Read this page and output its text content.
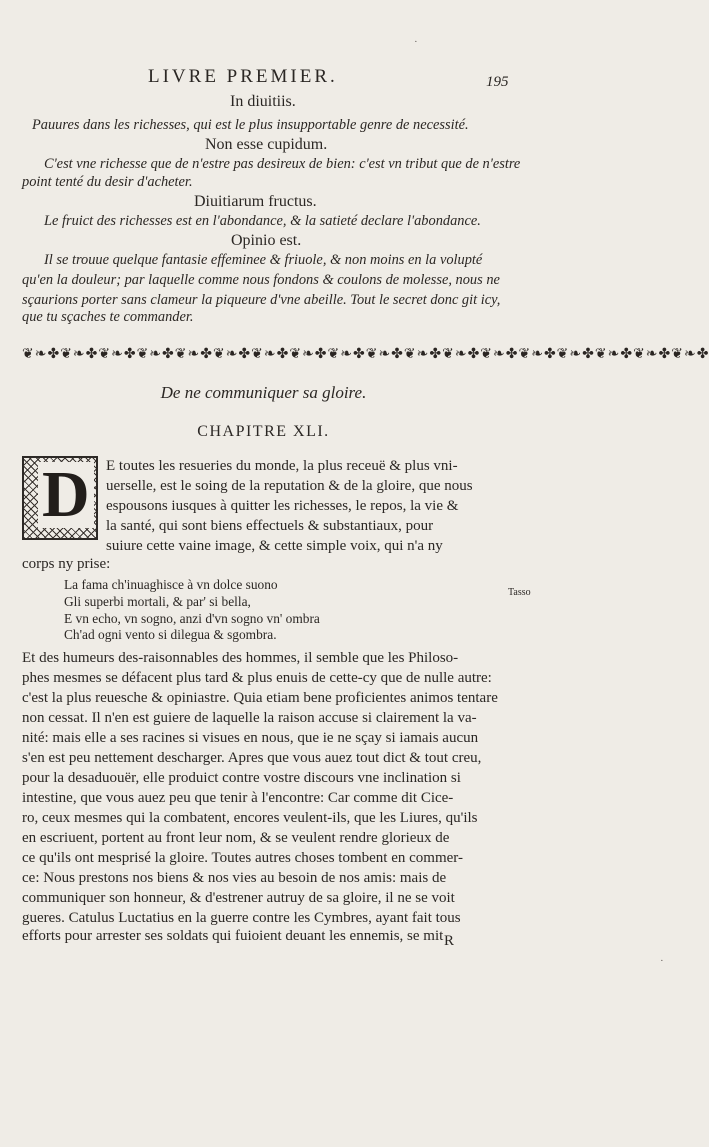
LIVRE PREMIER.	195
In diuitiis.
Pauures dans les richesses, qui est le plus insupportable genre de necessité.
Non esse cupidum.
C'est vne richesse que de n'estre pas desireux de bien: c'est vn tribut que de n'estre
point tenté du desir d'acheter.
Diuitiarum fructus.
Le fruict des richesses est en l'abondance, & la satieté declare l'abondance.
Opinio est.
Il se trouue quelque fantasie effeminee & friuole, & non moins en la volupté
qu'en la douleur; par laquelle comme nous fondons & coulons de molesse, nous ne
sçaurions porter sans clameur la piqueure d'vne abeille. Tout le secret donc git icy,
que tu sçaches te commander.
❦❧✤❦❧✤❦❧✤❦❧✤❦❧✤❦❧✤❦❧✤❦❧✤❦❧✤❦❧✤❦❧✤❦❧✤❦❧✤❦❧✤❦❧✤❦❧✤❦❧✤❦❧✤
De ne communiquer sa gloire.
CHAPITRE XLI.
D E toutes les resueries du monde, la plus receuë & plus vni-
uerselle, est le soing de la reputation & de la gloire, que nous
espousons iusques à quitter les richesses, le repos, la vie &
la santé, qui sont biens effectuels & substantiaux, pour
suiure cette vaine image, & cette simple voix, qui n'a ny
corps ny prise:
La fama ch'inuaghisce à vn dolce suono
Gli superbi mortali, & par' si bella,
E vn echo, vn sogno, anzi d'vn sogno vn' ombra
Ch'ad ogni vento si dilegua & sgombra.
Tasso
Et des humeurs des-raisonnables des hommes, il semble que les Philoso-
phes mesmes se défacent plus tard & plus enuis de cette-cy que de nulle autre:
c'est la plus reuesche & opiniastre. Quia etiam bene proficientes animos tentare
non cessat. Il n'en est guiere de laquelle la raison accuse si clairement la va-
nité: mais elle a ses racines si visues en nous, que ie ne sçay si iamais aucun
s'en est peu nettement descharger. Apres que vous auez tout dict & tout creu,
pour la desaduouër, elle produict contre vostre discours vne inclination si
intestine, que vous auez peu que tenir à l'encontre: Car comme dit Cice-
ro, ceux mesmes qui la combatent, encores veulent-ils, que les Liures, qu'ils
en escriuent, portent au front leur nom, & se veulent rendre glorieux de
ce qu'ils ont mesprisé la gloire. Toutes autres choses tombent en commer-
ce: Nous prestons nos biens & nos vies au besoin de nos amis: mais de
communiquer son honneur, & d'estrener autruy de sa gloire, il ne se voit
gueres. Catulus Luctatius en la guerre contre les Cymbres, ayant fait tous
efforts pour arrester ses soldats qui fuioient deuant les ennemis, se mit R
·
·
